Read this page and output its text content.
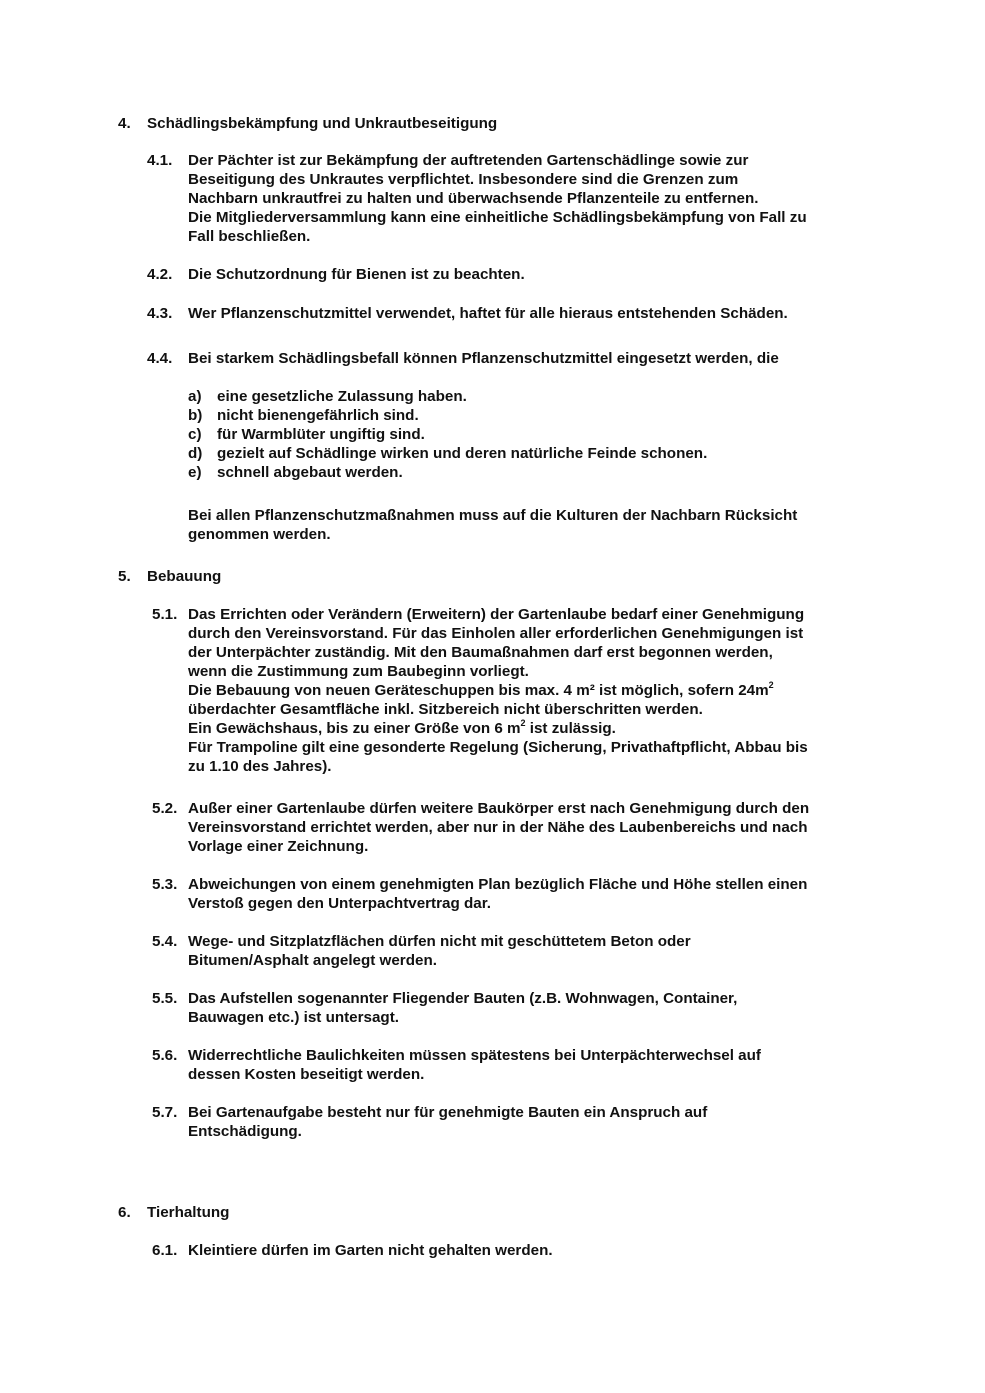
4. Schädlingsbekämpfung und Unkrautbeseitigung
4.1. Der Pächter ist zur Bekämpfung der auftretenden Gartenschädlinge sowie zur
Beseitigung des Unkrautes verpflichtet. Insbesondere sind die Grenzen zum
Nachbarn unkrautfrei zu halten und überwachsende Pflanzenteile zu entfernen.
Die Mitgliederversammlung kann eine einheitliche Schädlingsbekämpfung von Fall zu
Fall beschließen.
4.2. Die Schutzordnung für Bienen ist zu beachten.
4.3. Wer Pflanzenschutzmittel verwendet, haftet für alle hieraus entstehenden Schäden.
4.4. Bei starkem Schädlingsbefall können Pflanzenschutzmittel eingesetzt werden, die
a) eine gesetzliche Zulassung haben.
b) nicht bienengefährlich sind.
c) für Warmblüter ungiftig sind.
d) gezielt auf Schädlinge wirken und deren natürliche Feinde schonen.
e) schnell abgebaut werden.
Bei allen Pflanzenschutzmaßnahmen muss auf die Kulturen der Nachbarn Rücksicht
genommen werden.
5. Bebauung
5.1. Das Errichten oder Verändern (Erweitern) der Gartenlaube bedarf einer Genehmigung
durch den Vereinsvorstand. Für das Einholen aller erforderlichen Genehmigungen ist
der Unterpächter zuständig. Mit den Baumaßnahmen darf erst begonnen werden,
wenn die Zustimmung zum Baubeginn vorliegt.
Die Bebauung von neuen Geräteschuppen bis max. 4 m² ist möglich, sofern $24m^2$
überdachter Gesamtfläche inkl. Sitzbereich nicht überschritten werden.
Ein Gewächshaus, bis zu einer Größe von 6 $m^2$ ist zulässig.
Für Trampoline gilt eine gesonderte Regelung (Sicherung, Privathaftpflicht, Abbau bis
zu 1.10 des Jahres).
5.2. Außer einer Gartenlaube dürfen weitere Baukörper erst nach Genehmigung durch den
Vereinsvorstand errichtet werden, aber nur in der Nähe des Laubenbereichs und nach
Vorlage einer Zeichnung.
5.3. Abweichungen von einem genehmigten Plan bezüglich Fläche und Höhe stellen einen
Verstoß gegen den Unterpachtvertrag dar.
5.4. Wege- und Sitzplatzflächen dürfen nicht mit geschüttetem Beton oder
Bitumen/Asphalt angelegt werden.
5.5. Das Aufstellen sogenannter Fliegender Bauten (z.B. Wohnwagen, Container,
Bauwagen etc.) ist untersagt.
5.6. Widerrechtliche Baulichkeiten müssen spätestens bei Unterpächterwechsel auf
dessen Kosten beseitigt werden.
5.7. Bei Gartenaufgabe besteht nur für genehmigte Bauten ein Anspruch auf
Entschädigung.
6. Tierhaltung
6.1. Kleintiere dürfen im Garten nicht gehalten werden.
